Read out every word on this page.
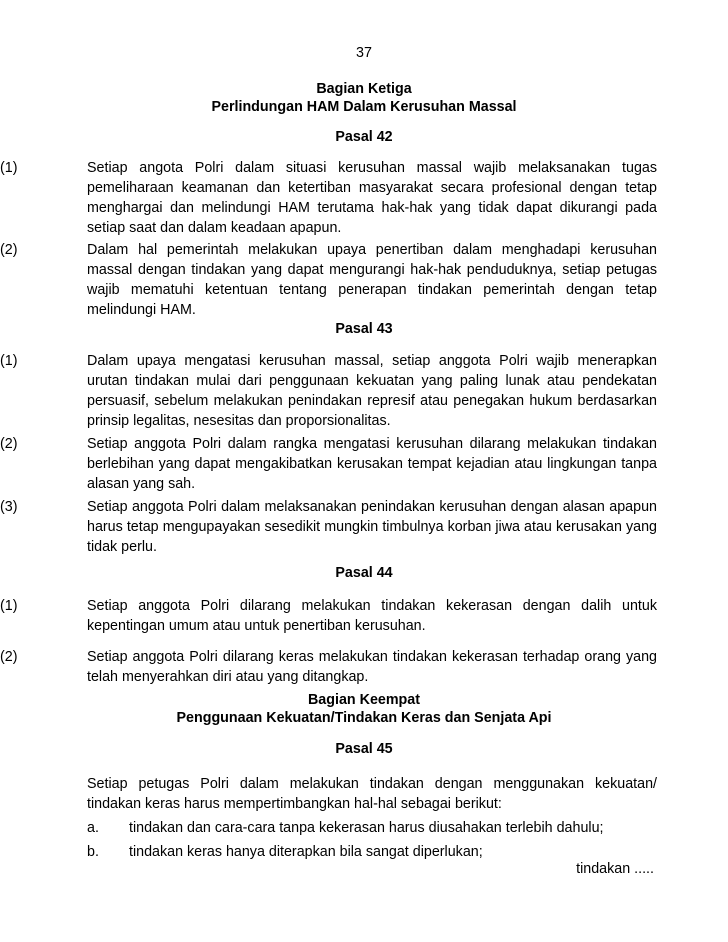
37
Bagian Ketiga
Perlindungan HAM Dalam Kerusuhan Massal
Pasal 42
(1)	Setiap angota Polri dalam situasi kerusuhan massal wajib melaksanakan tugas pemeliharaan keamanan dan ketertiban masyarakat secara profesional dengan tetap menghargai dan melindungi HAM terutama hak-hak yang tidak dapat dikurangi pada setiap saat dan dalam keadaan apapun.
(2)	Dalam hal pemerintah melakukan upaya penertiban dalam menghadapi kerusuhan massal dengan tindakan yang dapat mengurangi hak-hak penduduknya, setiap petugas wajib mematuhi ketentuan tentang penerapan tindakan pemerintah dengan tetap melindungi HAM.
Pasal 43
(1)	Dalam upaya mengatasi kerusuhan massal, setiap anggota Polri wajib menerapkan urutan tindakan mulai dari penggunaan kekuatan yang paling lunak atau pendekatan persuasif, sebelum melakukan penindakan represif atau penegakan hukum berdasarkan prinsip legalitas, nesesitas dan proporsionalitas.
(2)	Setiap anggota Polri dalam rangka mengatasi kerusuhan dilarang melakukan tindakan berlebihan yang dapat mengakibatkan kerusakan tempat kejadian atau lingkungan tanpa alasan yang sah.
(3)	Setiap anggota Polri dalam melaksanakan penindakan kerusuhan dengan alasan apapun harus tetap mengupayakan sesedikit mungkin timbulnya korban jiwa atau kerusakan yang tidak perlu.
Pasal 44
(1)	Setiap anggota Polri dilarang melakukan tindakan kekerasan dengan dalih untuk kepentingan umum atau untuk penertiban kerusuhan.
(2)	Setiap anggota Polri dilarang keras melakukan tindakan kekerasan terhadap orang yang telah menyerahkan diri atau yang ditangkap.
Bagian Keempat
Penggunaan Kekuatan/Tindakan Keras dan Senjata Api
Pasal 45
Setiap petugas Polri dalam melakukan tindakan dengan menggunakan kekuatan/
tindakan keras harus mempertimbangkan hal-hal sebagai berikut:
a.	tindakan dan cara-cara tanpa kekerasan harus diusahakan terlebih dahulu;
b.	tindakan keras hanya diterapkan bila sangat diperlukan;
tindakan .....
